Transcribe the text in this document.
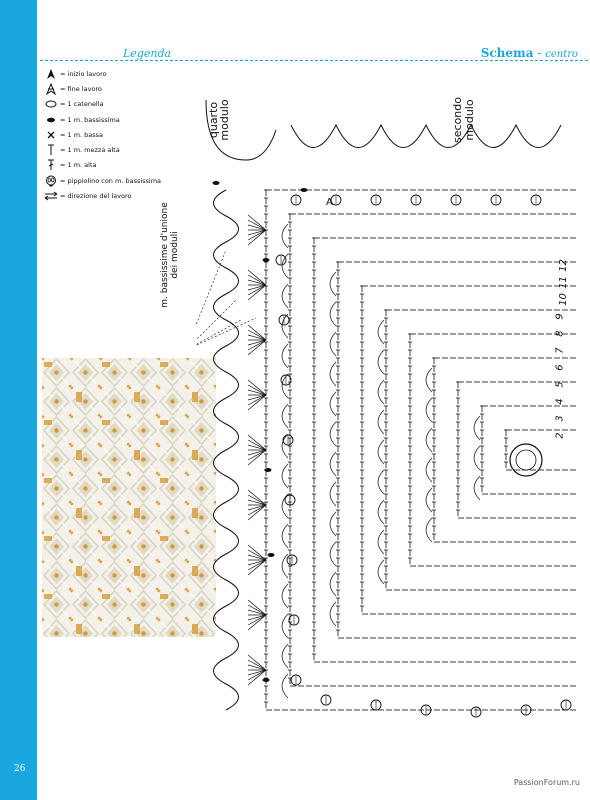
26
Legenda	Schema - centro
= inizio lavoro
= fine lavoro
= 1 catenella
= 1 m. bassissima
= 1 m. bassa
= 1 m. mezza alta
= 1 m. alta
= pippiolino con m. bassissima
= direzione del lavoro
A
quarto modulo	secondo modulo
m. bassissime d'unione dei moduli
2
3
4
5
6
7
8
9
10
11
12
PassionForum.ru
